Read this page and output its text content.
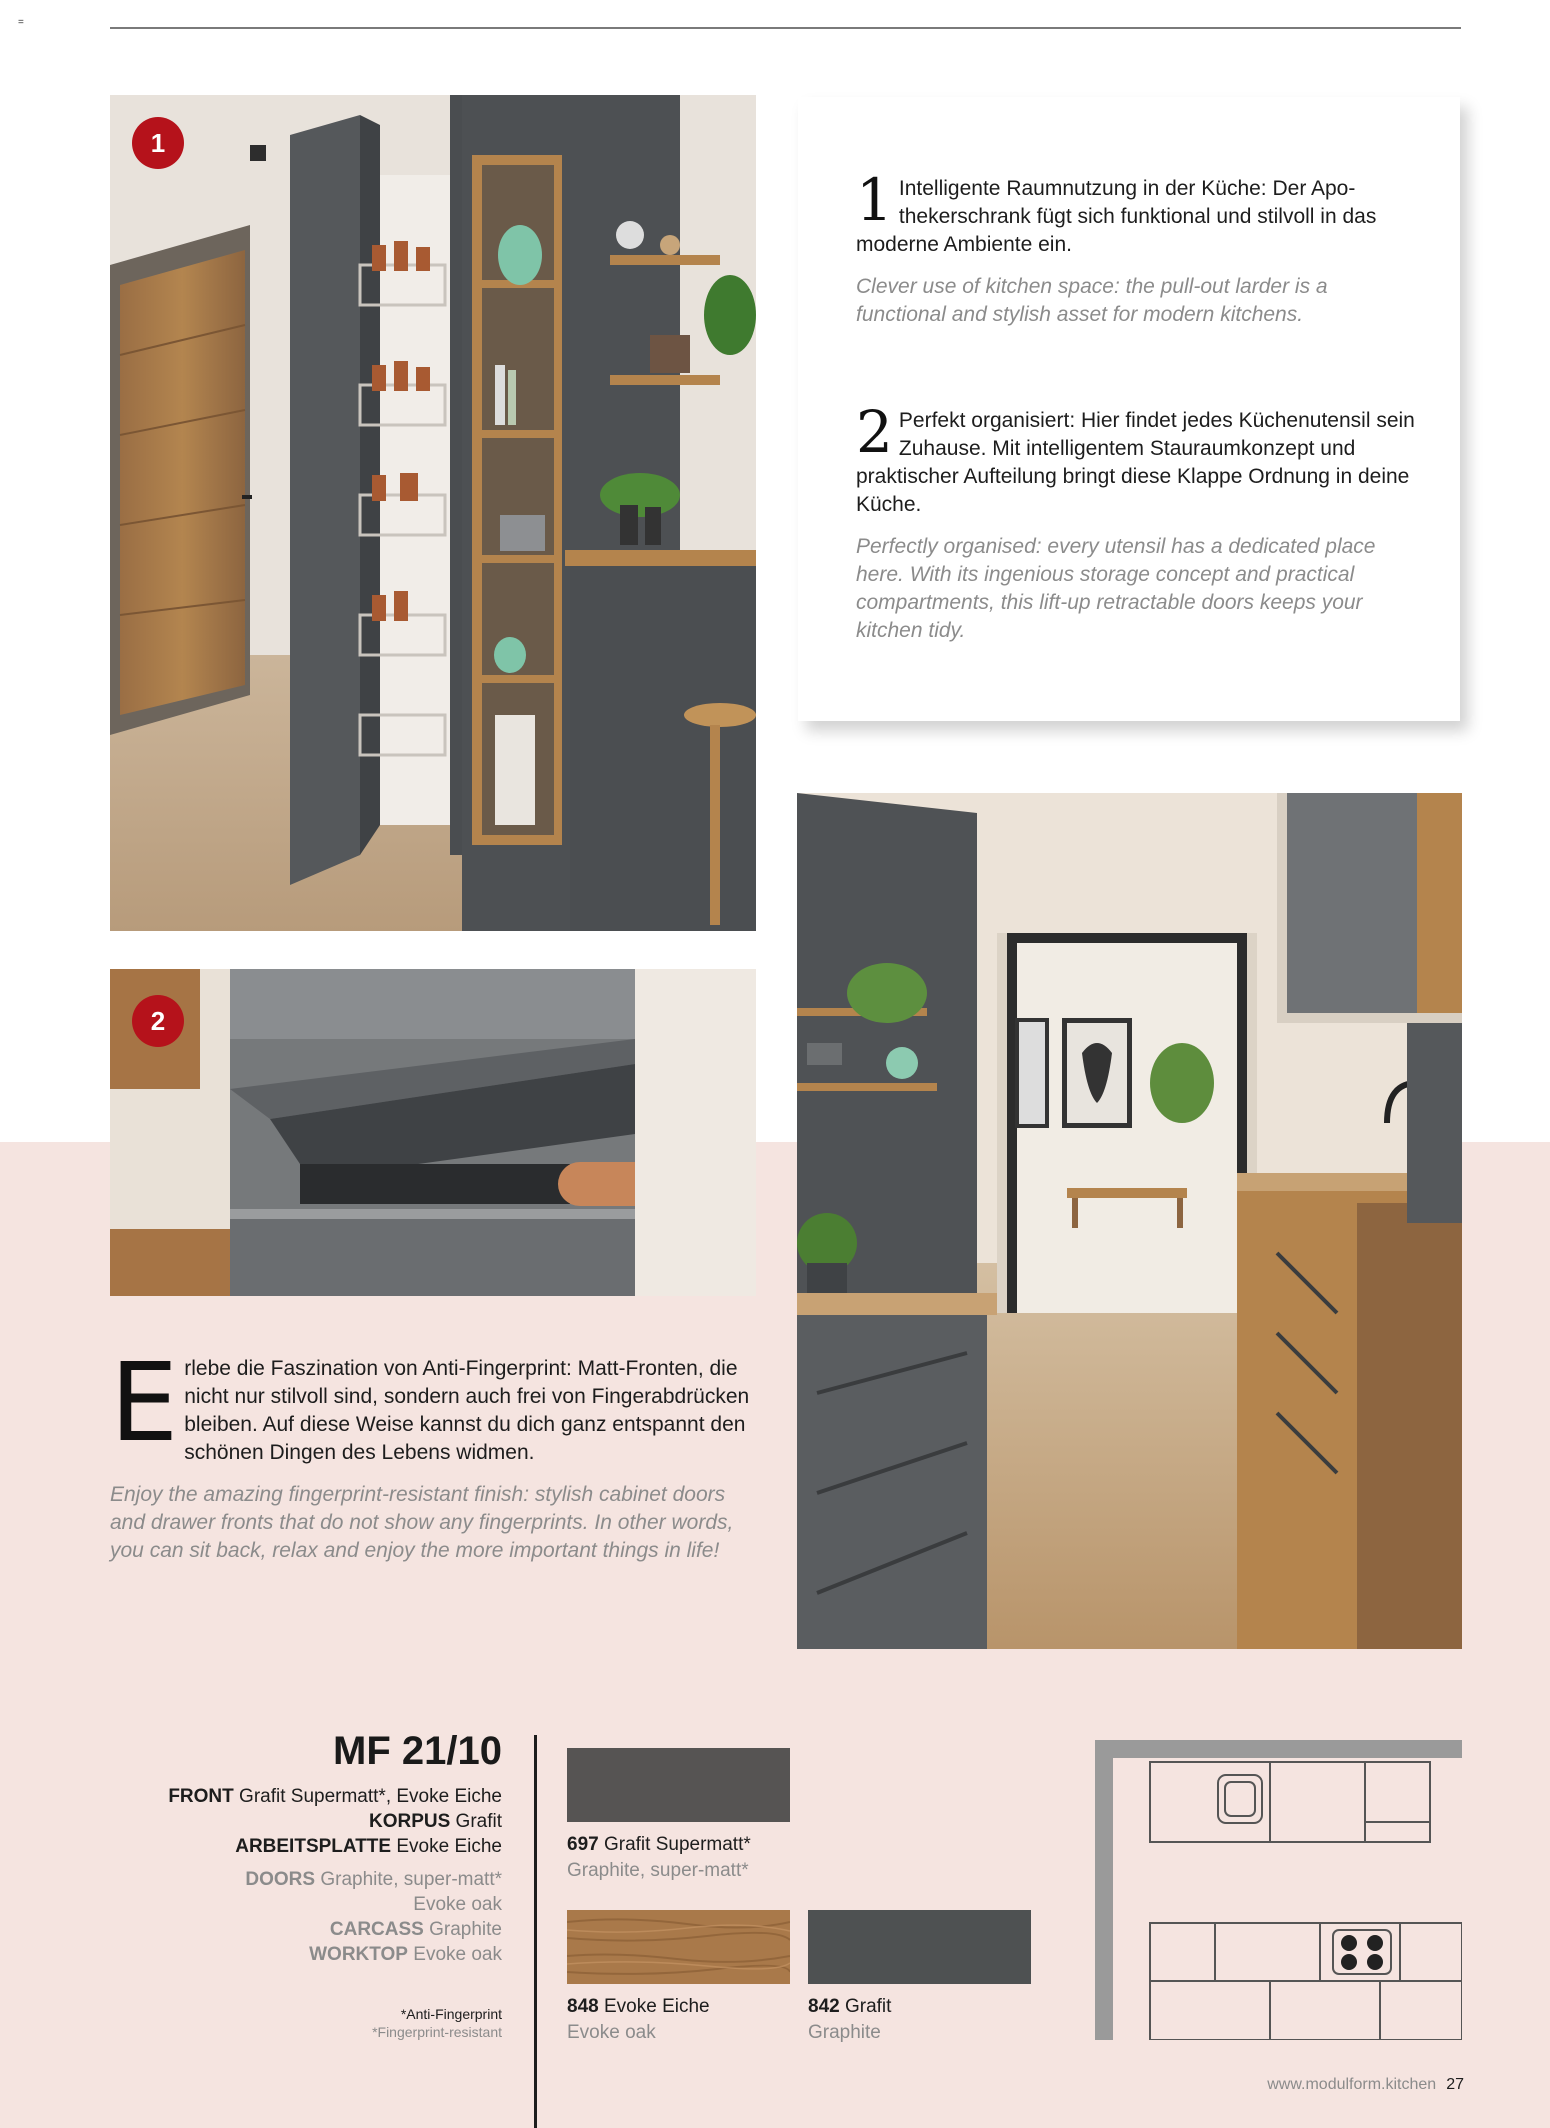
=
1
2
1 Intelligente Raumnutzung in der Küche: Der Apothekerschrank fügt sich funktional und stilvoll in das moderne Ambiente ein.
Clever use of kitchen space: the pull-out larder is a functional and stylish asset for modern kitchens.
2 Perfekt organisiert: Hier findet jedes Küchenutensil sein Zuhause. Mit intelligentem Stauraumkonzept und praktischer Aufteilung bringt diese Klappe Ordnung in deine Küche.
Perfectly organised: every utensil has a dedicated place here. With its ingenious storage concept and practical compartments, this lift-up retractable doors keeps your kitchen tidy.
Erlebe die Faszination von Anti-Fingerprint: Matt-Fronten, die nicht nur stilvoll sind, sondern auch frei von Fingerabdrücken bleiben. Auf diese Weise kannst du dich ganz entspannt den schönen Dingen des Lebens widmen.
Enjoy the amazing fingerprint-resistant finish: stylish cabinet doors and drawer fronts that do not show any fingerprints. In other words, you can sit back, relax and enjoy the more important things in life!
MF 21/10
FRONT Grafit Supermatt*, Evoke Eiche
KORPUS Grafit
ARBEITSPLATTE Evoke Eiche
DOORS Graphite, super-matt*
Evoke oak
CARCASS Graphite
WORKTOP Evoke oak
*Anti-Fingerprint
*Fingerprint-resistant
697 Grafit Supermatt*
Graphite, super-matt*
848 Evoke Eiche
Evoke oak
842 Grafit
Graphite
www.modulform.kitchen 27
